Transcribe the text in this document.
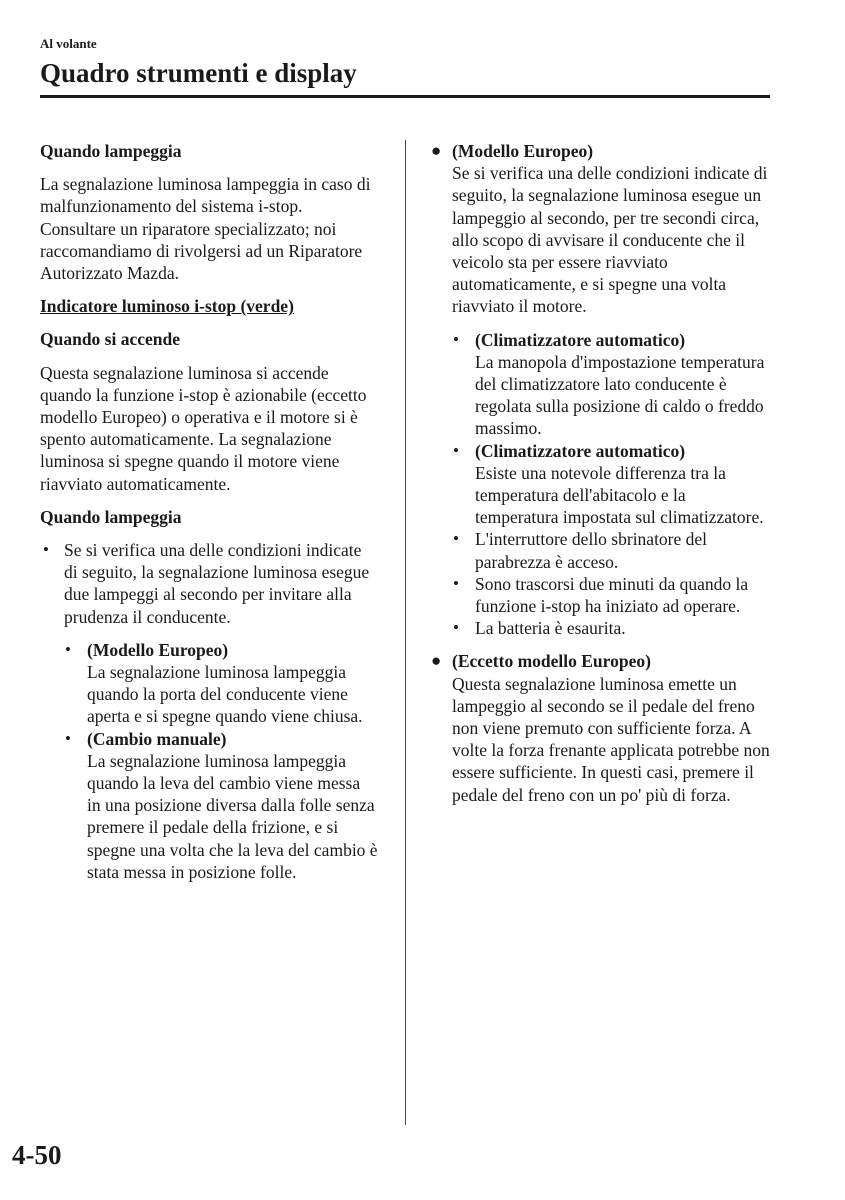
Al volante
Quadro strumenti e display
Quando lampeggia

La segnalazione luminosa lampeggia in caso di malfunzionamento del sistema i-stop. Consultare un riparatore specializzato; noi raccomandiamo di rivolgersi ad un Riparatore Autorizzato Mazda.

Indicatore luminoso i-stop (verde)
Quando si accende

Questa segnalazione luminosa si accende quando la funzione i-stop è azionabile (eccetto modello Europeo) o operativa e il motore si è spento automaticamente. La segnalazione luminosa si spegne quando il motore viene riavviato automaticamente.

Quando lampeggia
• Se si verifica una delle condizioni indicate di seguito, la segnalazione luminosa esegue due lampeggi al secondo per invitare alla prudenza il conducente.
• (Modello Europeo)
La segnalazione luminosa lampeggia quando la porta del conducente viene aperta e si spegne quando viene chiusa.
• (Cambio manuale)
La segnalazione luminosa lampeggia quando la leva del cambio viene messa in una posizione diversa dalla folle senza premere il pedale della frizione, e si spegne una volta che la leva del cambio è stata messa in posizione folle.
● (Modello Europeo)
Se si verifica una delle condizioni indicate di seguito, la segnalazione luminosa esegue un lampeggio al secondo, per tre secondi circa, allo scopo di avvisare il conducente che il veicolo sta per essere riavviato automaticamente, e si spegne una volta riavviato il motore.
• (Climatizzatore automatico)
La manopola d'impostazione temperatura del climatizzatore lato conducente è regolata sulla posizione di caldo o freddo massimo.
• (Climatizzatore automatico)
Esiste una notevole differenza tra la temperatura dell'abitacolo e la temperatura impostata sul climatizzatore.
• L'interruttore dello sbrinatore del parabrezza è acceso.
• Sono trascorsi due minuti da quando la funzione i-stop ha iniziato ad operare.
• La batteria è esaurita.
● (Eccetto modello Europeo)
Questa segnalazione luminosa emette un lampeggio al secondo se il pedale del freno non viene premuto con sufficiente forza. A volte la forza frenante applicata potrebbe non essere sufficiente. In questi casi, premere il pedale del freno con un po' più di forza.
4-50
